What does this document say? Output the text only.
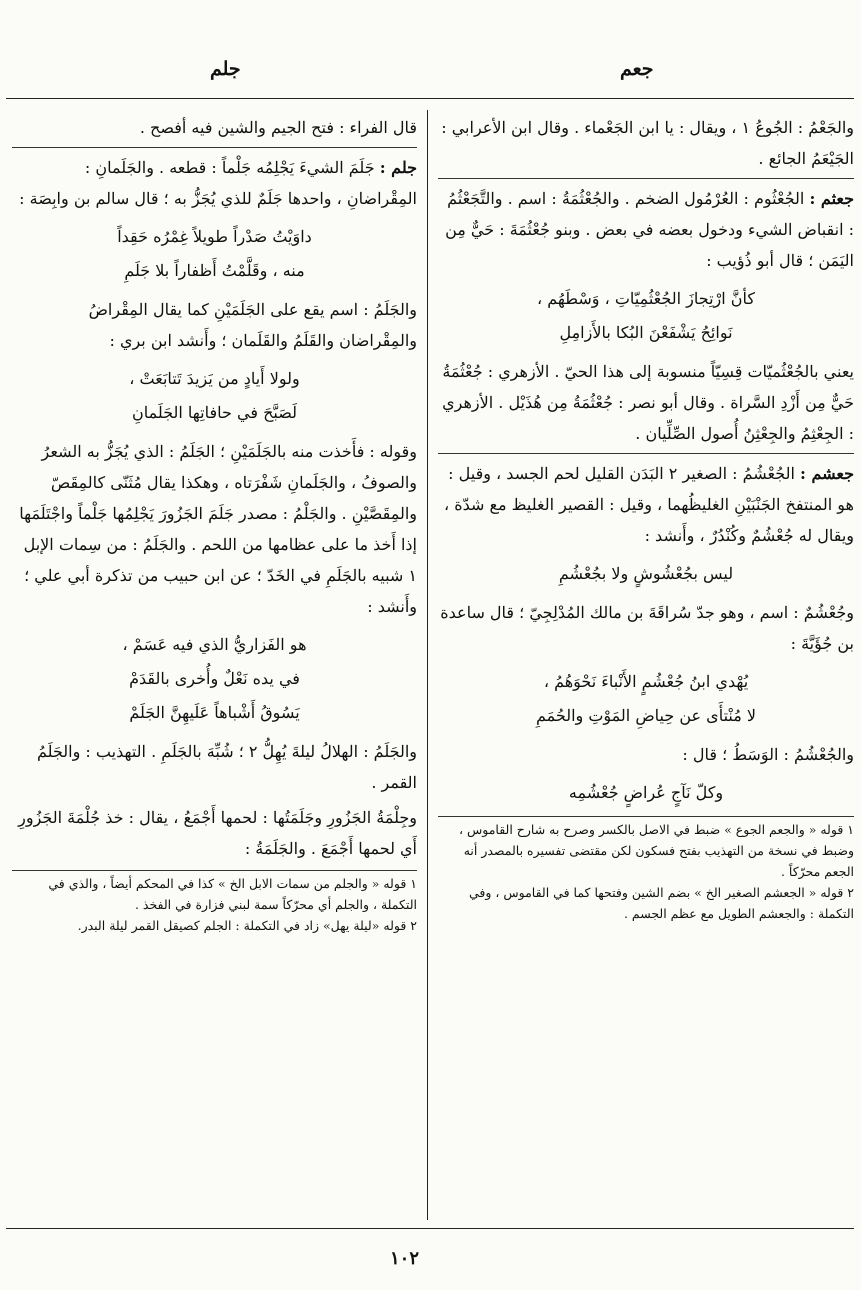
جعم
جلم

والجَعْمُ : الجُوعُ ١ ، ويقال : يا ابن الجَعْماء . وقال ابن الأعرابي : الجَيْعَمُ الجائع .

جعثم : الجُعْثُوم : العُرْمُول الضخم . والجُعْثُمَةُ : اسم . والتَّجَعْثُمُ : انقباض الشيء ودخول بعضه في بعض . وبنو جُعْثُمَةَ : حَيٌّ مِن اليَمَن ؛ قال أبو ذُؤيب :

كأنَّ ارْتِجازَ الجُعْثُمِيّاتِ ، وَسْطَهُم ،
نَوائِحُ يَشْفَعْنَ البُكا بالأَزامِلِ

يعني بالجُعْثُميّات قِسِيّاً منسوبة إلى هذا الحيّ . الأزهري : جُعْثُمَةُ حَيٌّ مِن أَزْدِ السَّراة . وقال أبو نصر : جُعْثُمَةُ مِن هُذَيْل . الأزهري : الجِعْثِمُ والجِعْثِنُ أُصول الصِّلِّيان .

جعشم : الجُعْشُمُ : الصغير ٢ البَدَن القليل لحم الجسد ، وقيل : هو المنتفخ الجَنْبَيْنِ الغليظُهما ، وقيل : القصير الغليظ مع شدّة ، ويقال له جُعْشُمٌ وكُنْدُرٌ ، وأَنشد :

ليس بجُعْشُوشٍ ولا بجُعْشُمِ

وجُعْشُمٌ : اسم ، وهو جدّ سُراقَةَ بن مالك المُدْلِجِيّ ؛ قال ساعدة بن جُؤَيَّةَ :

يُهْدي ابنُ جُعْشُمٍ الأَنْباءَ نَحْوَهُمُ ،
لا مُنْتأَى عن حِياضِ المَوْتِ والحُمَمِ

والجُعْشُمُ : الوَسَطُ ؛ قال :

وكلّ نَآجٍ عُراضٍ جُعْشُمِه

١ قوله « والجعم الجوع » ضبط في الاصل بالكسر وصرح به شارح القاموس ، وضبط في نسخة من التهذيب بفتح فسكون لكن مقتضى تفسيره بالمصدر أنه الجعم محرّكاً .

٢ قوله « الجعشم الصغير الخ » بضم الشين وفتحها كما في القاموس ، وفي التكملة : والجعشم الطويل مع عظم الجسم .

قال الفراء : فتح الجيم والشين فيه أفصح .

جلم : جَلَمَ الشيءَ يَجْلِمُه جَلْماً : قطعه . والجَلَمانِ : المِقْراضانِ ، واحدها جَلَمٌ للذي يُجَزُّ به ؛ قال سالم بن وابِصَة :

داوَيْتُ صَدْراً طويلاً غِمْرُه حَقِداً
منه ، وقَلَّمْتُ أَظفاراً بلا جَلَمِ

والجَلَمُ : اسم يقع على الجَلَمَيْنِ كما يقال المِقْراضُ والمِقْراضان والقَلَمُ والقَلَمان ؛ وأَنشد ابن بري :

ولولا أَيادٍ من يَزيدَ تَتابَعَتْ ،
لَصَبَّحَ في حافاتِها الجَلَمانِ

وقوله : فأَخذت منه بالجَلَمَيْنِ ؛ الجَلَمُ : الذي يُجَزُّ به الشعرُ والصوفُ ، والجَلَمانِ شَفْرَتاه ، وهكذا يقال مُثَنّى كالمِقَصّ والمِقَصَّيْنِ . والجَلْمُ : مصدر جَلَمَ الجَزُورَ يَجْلِمُها جَلْماً واجْتَلَمَها إذا أَخذ ما على عظامها من اللحم . والجَلَمُ : من سِمات الإبل ١ شبيه بالجَلَمِ في الخَدّ ؛ عن ابن حبيب من تذكرة أبي علي ؛ وأَنشد :

هو الفَزاريُّ الذي فيه عَسَمْ ،
في يده نَعْلٌ وأُخرى بالقَدَمْ
يَسُوقُ أَشْباهاً عَلَيهِنَّ الجَلَمْ

والجَلَمُ : الهلالُ ليلةَ يُهِلُّ ٢ ؛ شُبِّهَ بالجَلَمِ . التهذيب : والجَلَمُ القمر .

وجِلْمَةُ الجَزُورِ وجَلَمَتُها : لحمها أَجْمَعُ ، يقال : خذ جُلْمَةَ الجَزُورِ أَي لحمها أَجْمَعَ . والجَلَمَةُ :

١ قوله « والجلم من سمات الابل الخ » كذا في المحكم أيضاً ، والذي في التكملة ، والجلم أي محرّكاً سمة لبني فزارة في الفخذ .

٢ قوله «ليلة يهل» زاد في التكملة : الجلم كصيقل القمر ليلة البدر.

١٠٢
